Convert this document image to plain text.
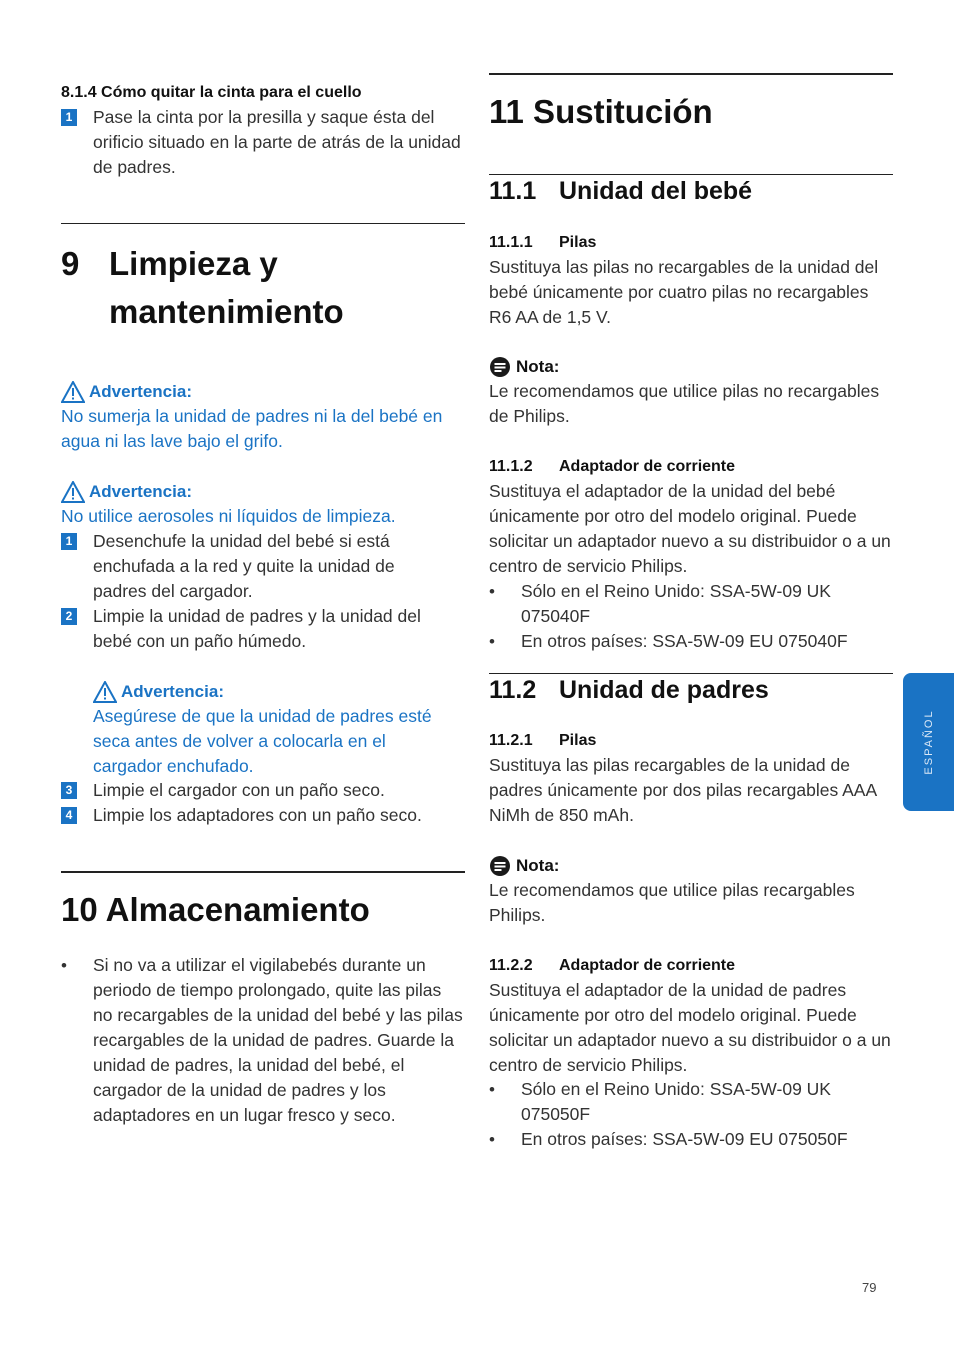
8.1.4 Cómo quitar la cinta para el cuello
1 Pase la cinta por la presilla y saque ésta del orificio situado en la parte de atrás de la unidad de padres.
9 Limpieza y
mantenimiento
Advertencia:
No sumerja la unidad de padres ni la del bebé en agua ni las lave bajo el grifo.
Advertencia:
No utilice aerosoles ni líquidos de limpieza.
1 Desenchufe la unidad del bebé si está enchufada a la red y quite la unidad de padres del cargador.
2 Limpie la unidad de padres y la unidad del bebé con un paño húmedo.
Advertencia:
Asegúrese de que la unidad de padres esté seca antes de volver a colocarla en el cargador enchufado.
3 Limpie el cargador con un paño seco.
4 Limpie los adaptadores con un paño seco.
10 Almacenamiento
•	Si no va a utilizar el vigilabebés durante un periodo de tiempo prolongado, quite las pilas no recargables de la unidad del bebé y las pilas recargables de la unidad de padres. Guarde la unidad de padres, la unidad del bebé, el cargador de la unidad de padres y los adaptadores en un lugar fresco y seco.
11 Sustitución
11.1 Unidad del bebé
11.1.1	Pilas
Sustituya las pilas no recargables de la unidad del bebé únicamente por cuatro pilas no recargables R6 AA de 1,5 V.
Nota:
Le recomendamos que utilice pilas no recargables de Philips.
11.1.2	Adaptador de corriente
Sustituya el adaptador de la unidad del bebé únicamente por otro del modelo original. Puede solicitar un adaptador nuevo a su distribuidor o a un centro de servicio Philips.
•	Sólo en el Reino Unido: SSA-5W-09 UK 075040F
•	En otros países: SSA-5W-09 EU 075040F
11.2 Unidad de padres
11.2.1	Pilas
Sustituya las pilas recargables de la unidad de padres únicamente por dos pilas recargables AAA NiMh de 850 mAh.
Nota:
Le recomendamos que utilice pilas recargables Philips.
11.2.2	Adaptador de corriente
Sustituya el adaptador de la unidad de padres únicamente por otro del modelo original. Puede solicitar un adaptador nuevo a su distribuidor o a un centro de servicio Philips.
•	Sólo en el Reino Unido: SSA-5W-09 UK 075050F
•	En otros países: SSA-5W-09 EU 075050F
ESPAÑOL
79
